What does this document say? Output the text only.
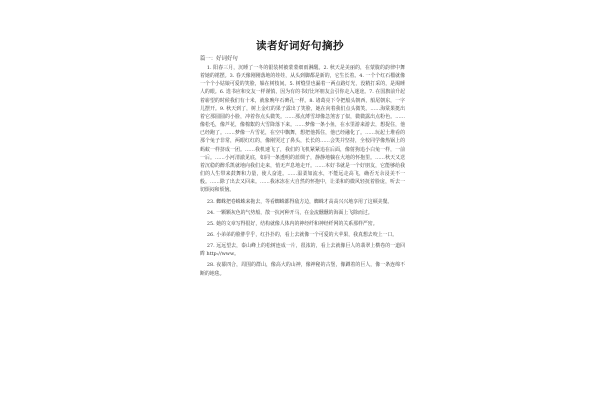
读者好词好句摘抄
篇一：好词好句

1. 阳春三月，沉睡了一冬的银装树被蒙蒙细雨淋醒。2. 秋天是美丽的，在蒙胧的韵律中舞着她的裙摆。3. 春天像刚刚落地的娃娃，从头到脚都是新的，它生长着。4. 一个个红石榴就像一个个小姑娘可爱的笑脸，躲在树枝间。5. 树缝里也漏着一两点路灯光，没精打采的，是渴睡人的眼。6. 选书应和交友一样谨慎，因为有的书好比坏朋友会引你走入迷途。7. 在国旗前升起着崭望的时候我们有十米，就象晚年石碑孔一样。8. 诸葛亮下令把船头朝西，船尾朝东，一字儿摆开。9. 秋天到了，树上金红的果子露出了笑脸，她在向着我们点头微笑。……海棠果挺出着它那圆圆的小脸，冲着你点头微笑。……那点薄雪却像急煞害了似，微微露出点粉色。……像松毛，像芦花，像棉絮的大雪降落下来。……梦像一条小鱼，在水里游来游去，想捉住，他已经跑了。……梦像一片雪花，在空中飘舞，想把他抓住，他已经融化了。……玩起土堆看的那个兔子非常，两眼红红的，像刚哭过了鼻头，长长的……会笑并坚持，全校同学像热锅上的蚂蚁一样挤成一团。……我机速飞了，我们的飞机紧紧追在后面，像射狗追小白兔一样，一前一后。……小河清澈见底，如同一条透明的蓝绸子，静静地躺在大地的怀抱里。……秋天又送着沉稳的醉乐凯就地向我们走来，悄无声息地走开。……本好书就是一个好朋友，它能够给我们的人生带来鼓舞和力量，使人奋进。……温柔如流水，不能远走高飞，确否无余浸美不一般。……除了出去又回来。……我冰冻在大自然的怀抱中，让柔和的微风轻抚着脸庞，听去一切烦闷和烦恼。

23. 蜘蛛把卷蛛蛛来拖去，等看蜘蛛都得敌方边，蜘蛛才高高兴兴地享用了这顿美餐。

24. 一颗颗灰色的气势船，散一抗河种开马，在金流醺醺的海面上飞除而过。

25. 她的文章写得很好，结构就像人体内的神经纤和神经纤网的关系那样严密。

26. 小弟弟的脸胖乎乎，红扑扑的，看上去就像一个可爱的大苹果，我真想去咬上一口。

27. 远远望去，泰山峰上的松树连成一片，很浓的，看上去就像巨人的翡翠上横卷的一道回眸 http://www。

28. 夜幕四合，周围的群山，像高大的山神，像神秘的古堡，像蹲着的巨人，像一条连绵不断的地毯。
